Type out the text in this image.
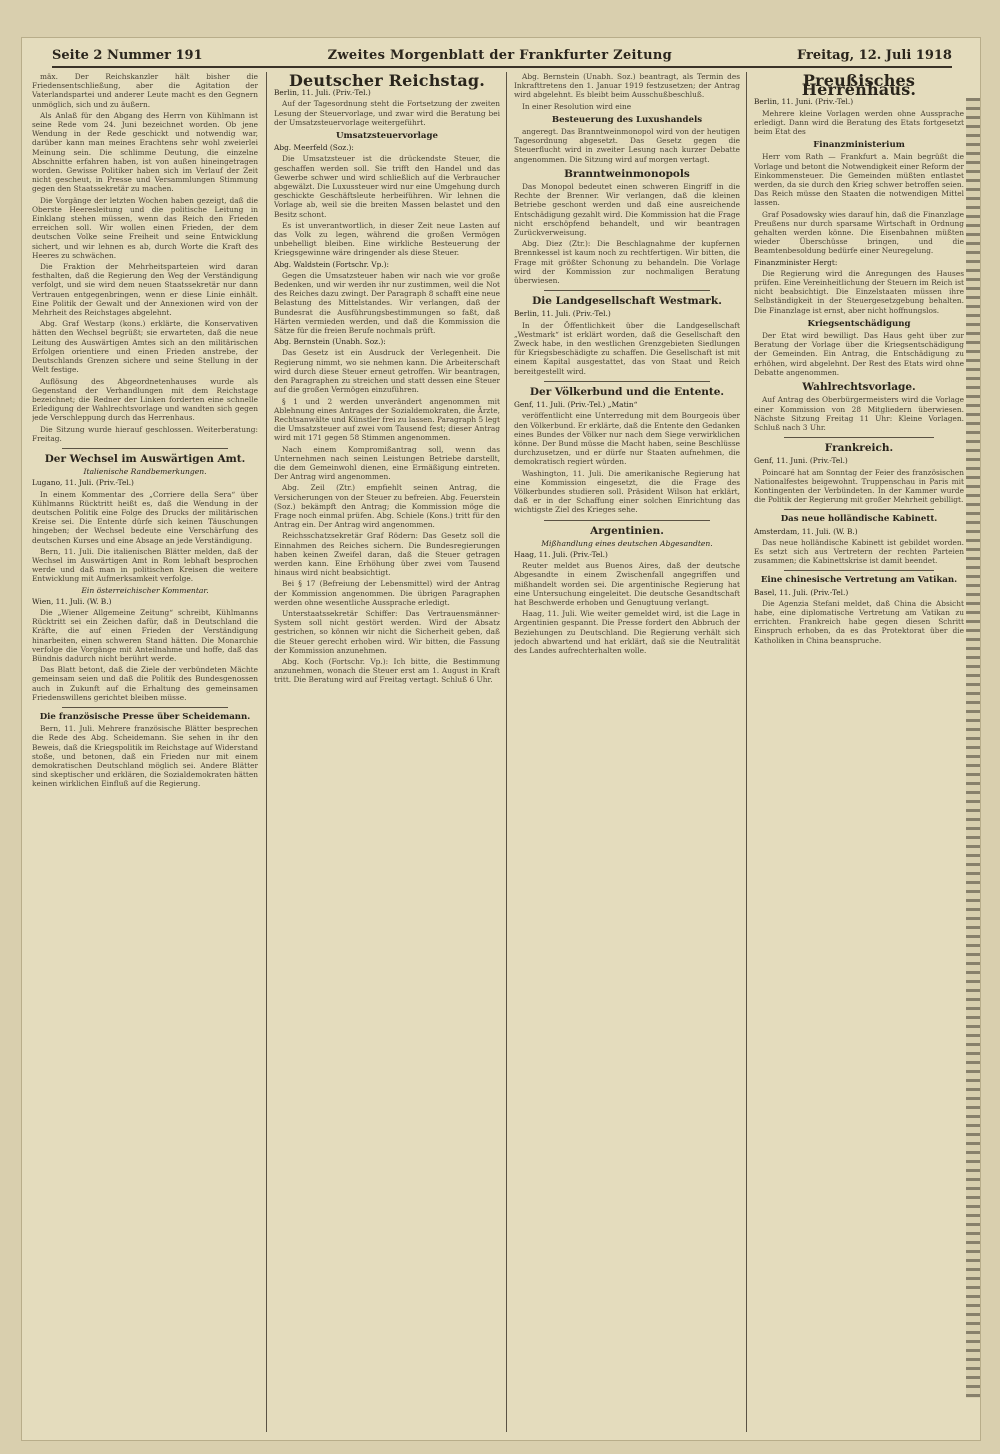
Seite 2 Nummer 191	Zweites Morgenblatt der Frankfurter Zeitung	Freitag, 12. Juli 1918

mäx. Der Reichskanzler hält bisher die Friedensentschließung, aber die Agitation der Vaterlandspartei und anderer Leute macht es den Gegnern unmöglich, sich und zu äußern.

Als Anlaß für den Abgang des Herrn von Kühlmann ist seine Rede vom 24. Juni bezeichnet worden. Ob jene Wendung in der Rede geschickt und notwendig war, darüber kann man meines Erachtens sehr wohl zweierlei Meinung sein. Die schlimme Deutung, die einzelne Abschnitte erfahren haben, ist von außen hineingetragen worden. Gewisse Politiker haben sich im Verlauf der Zeit nicht gescheut, in Presse und Versammlungen Stimmung gegen den Staatssekretär zu machen.

Die Vorgänge der letzten Wochen haben gezeigt, daß die Oberste Heeresleitung und die politische Leitung in Einklang stehen müssen, wenn das Reich den Frieden erreichen soll. Wir wollen einen Frieden, der dem deutschen Volke seine Freiheit und seine Entwicklung sichert, und wir lehnen es ab, durch Worte die Kraft des Heeres zu schwächen.

Die Fraktion der Mehrheitsparteien wird daran festhalten, daß die Regierung den Weg der Verständigung verfolgt, und sie wird dem neuen Staatssekretär nur dann Vertrauen entgegenbringen, wenn er diese Linie einhält. Eine Politik der Gewalt und der Annexionen wird von der Mehrheit des Reichstages abgelehnt.

Abg. Graf Westarp (kons.) erklärte, die Konservativen hätten den Wechsel begrüßt; sie erwarteten, daß die neue Leitung des Auswärtigen Amtes sich an den militärischen Erfolgen orientiere und einen Frieden anstrebe, der Deutschlands Grenzen sichere und seine Stellung in der Welt festige.

Auflösung des Abgeordnetenhauses wurde als Gegenstand der Verhandlungen mit dem Reichstage bezeichnet; die Redner der Linken forderten eine schnelle Erledigung der Wahlrechtsvorlage und wandten sich gegen jede Verschleppung durch das Herrenhaus.

Die Sitzung wurde hierauf geschlossen. Weiterberatung: Freitag.

Der Wechsel im Auswärtigen Amt.
Italienische Randbemerkungen.
Lugano, 11. Juli. (Priv.-Tel.)

In einem Kommentar des „Corriere della Sera“ über Kühlmanns Rücktritt heißt es, daß die Wendung in der deutschen Politik eine Folge des Drucks der militärischen Kreise sei. Die Entente dürfe sich keinen Täuschungen hingeben; der Wechsel bedeute eine Verschärfung des deutschen Kurses und eine Absage an jede Verständigung.

Bern, 11. Juli. Die italienischen Blätter melden, daß der Wechsel im Auswärtigen Amt in Rom lebhaft besprochen werde und daß man in politischen Kreisen die weitere Entwicklung mit Aufmerksamkeit verfolge.

Ein österreichischer Kommentar.
Wien, 11. Juli. (W. B.)

Die „Wiener Allgemeine Zeitung“ schreibt, Kühlmanns Rücktritt sei ein Zeichen dafür, daß in Deutschland die Kräfte, die auf einen Frieden der Verständigung hinarbeiten, einen schweren Stand hätten. Die Monarchie verfolge die Vorgänge mit Anteilnahme und hoffe, daß das Bündnis dadurch nicht berührt werde.

Das Blatt betont, daß die Ziele der verbündeten Mächte gemeinsam seien und daß die Politik des Bundesgenossen auch in Zukunft auf die Erhaltung des gemeinsamen Friedenswillens gerichtet bleiben müsse.

Die französische Presse über Scheidemann.

Bern, 11. Juli. Mehrere französische Blätter besprechen die Rede des Abg. Scheidemann. Sie sehen in ihr den Beweis, daß die Kriegspolitik im Reichstage auf Widerstand stoße, und betonen, daß ein Frieden nur mit einem demokratischen Deutschland möglich sei. Andere Blätter sind skeptischer und erklären, die Sozialdemokraten hätten keinen wirklichen Einfluß auf die Regierung.

Deutscher Reichstag.
Berlin, 11. Juli. (Priv.-Tel.)

Auf der Tagesordnung steht die Fortsetzung der zweiten Lesung der Steuervorlage, und zwar wird die Beratung bei der Umsatzsteuervorlage weitergeführt.

Umsatzsteuervorlage
Abg. Meerfeld (Soz.):

Die Umsatzsteuer ist die drückendste Steuer, die geschaffen werden soll. Sie trifft den Handel und das Gewerbe schwer und wird schließlich auf die Verbraucher abgewälzt. Die Luxussteuer wird nur eine Umgehung durch geschickte Geschäftsleute herbeiführen. Wir lehnen die Vorlage ab, weil sie die breiten Massen belastet und den Besitz schont.

Es ist unverantwortlich, in dieser Zeit neue Lasten auf das Volk zu legen, während die großen Vermögen unbehelligt bleiben. Eine wirkliche Besteuerung der Kriegsgewinne wäre dringender als diese Steuer.

Abg. Waldstein (Fortschr. Vp.):

Gegen die Umsatzsteuer haben wir nach wie vor große Bedenken, und wir werden ihr nur zustimmen, weil die Not des Reiches dazu zwingt. Der Paragraph 8 schafft eine neue Belastung des Mittelstandes. Wir verlangen, daß der Bundesrat die Ausführungsbestimmungen so faßt, daß Härten vermieden werden, und daß die Kommission die Sätze für die freien Berufe nochmals prüft.

Abg. Bernstein (Unabh. Soz.):

Das Gesetz ist ein Ausdruck der Verlegenheit. Die Regierung nimmt, wo sie nehmen kann. Die Arbeiterschaft wird durch diese Steuer erneut getroffen. Wir beantragen, den Paragraphen zu streichen und statt dessen eine Steuer auf die großen Vermögen einzuführen.

§ 1 und 2 werden unverändert angenommen mit Ablehnung eines Antrages der Sozialdemokraten, die Ärzte, Rechtsanwälte und Künstler frei zu lassen. Paragraph 5 legt die Umsatzsteuer auf zwei vom Tausend fest; dieser Antrag wird mit 171 gegen 58 Stimmen angenommen.

Nach einem Kompromißantrag soll, wenn das Unternehmen nach seinen Leistungen Betriebe darstellt, die dem Gemeinwohl dienen, eine Ermäßigung eintreten. Der Antrag wird angenommen.

Abg. Zeil (Ztr.) empfiehlt seinen Antrag, die Versicherungen von der Steuer zu befreien. Abg. Feuerstein (Soz.) bekämpft den Antrag; die Kommission möge die Frage noch einmal prüfen. Abg. Schiele (Kons.) tritt für den Antrag ein. Der Antrag wird angenommen.

Reichsschatzsekretär Graf Rödern: Das Gesetz soll die Einnahmen des Reiches sichern. Die Bundesregierungen haben keinen Zweifel daran, daß die Steuer getragen werden kann. Eine Erhöhung über zwei vom Tausend hinaus wird nicht beabsichtigt.

Bei § 17 (Befreiung der Lebensmittel) wird der Antrag der Kommission angenommen. Die übrigen Paragraphen werden ohne wesentliche Aussprache erledigt.

Unterstaatssekretär Schiffer: Das Vertrauensmänner-System soll nicht gestört werden. Wird der Absatz gestrichen, so können wir nicht die Sicherheit geben, daß die Steuer gerecht erhoben wird. Wir bitten, die Fassung der Kommission anzunehmen.

Abg. Koch (Fortschr. Vp.): Ich bitte, die Bestimmung anzunehmen, wonach die Steuer erst am 1. August in Kraft tritt. Die Beratung wird auf Freitag vertagt. Schluß 6 Uhr.

Abg. Bernstein (Unabh. Soz.) beantragt, als Termin des Inkrafttretens den 1. Januar 1919 festzusetzen; der Antrag wird abgelehnt. Es bleibt beim Ausschußbeschluß.

In einer Resolution wird eine

Besteuerung des Luxushandels

angeregt. Das Branntweinmonopol wird von der heutigen Tagesordnung abgesetzt. Das Gesetz gegen die Steuerflucht wird in zweiter Lesung nach kurzer Debatte angenommen. Die Sitzung wird auf morgen vertagt.

Branntweinmonopols

Das Monopol bedeutet einen schweren Eingriff in die Rechte der Brenner. Wir verlangen, daß die kleinen Betriebe geschont werden und daß eine ausreichende Entschädigung gezahlt wird. Die Kommission hat die Frage nicht erschöpfend behandelt, und wir beantragen Zurückverweisung.

Abg. Diez (Ztr.): Die Beschlagnahme der kupfernen Brennkessel ist kaum noch zu rechtfertigen. Wir bitten, die Frage mit größter Schonung zu behandeln. Die Vorlage wird der Kommission zur nochmaligen Beratung überwiesen.

Die Landgesellschaft Westmark.
Berlin, 11. Juli. (Priv.-Tel.)

In der Öffentlichkeit über die Landgesellschaft „Westmark“ ist erklärt worden, daß die Gesellschaft den Zweck habe, in den westlichen Grenzgebieten Siedlungen für Kriegsbeschädigte zu schaffen. Die Gesellschaft ist mit einem Kapital ausgestattet, das von Staat und Reich bereitgestellt wird.

Der Völkerbund und die Entente.
Genf, 11. Juli. (Priv.-Tel.) „Matin“

veröffentlicht eine Unterredung mit dem Bourgeois über den Völkerbund. Er erklärte, daß die Entente den Gedanken eines Bundes der Völker nur nach dem Siege verwirklichen könne. Der Bund müsse die Macht haben, seine Beschlüsse durchzusetzen, und er dürfe nur Staaten aufnehmen, die demokratisch regiert würden.

Washington, 11. Juli. Die amerikanische Regierung hat eine Kommission eingesetzt, die die Frage des Völkerbundes studieren soll. Präsident Wilson hat erklärt, daß er in der Schaffung einer solchen Einrichtung das wichtigste Ziel des Krieges sehe.

Argentinien.
Mißhandlung eines deutschen Abgesandten.
Haag, 11. Juli. (Priv.-Tel.)

Reuter meldet aus Buenos Aires, daß der deutsche Abgesandte in einem Zwischenfall angegriffen und mißhandelt worden sei. Die argentinische Regierung hat eine Untersuchung eingeleitet. Die deutsche Gesandtschaft hat Beschwerde erhoben und Genugtuung verlangt.

Haag, 11. Juli. Wie weiter gemeldet wird, ist die Lage in Argentinien gespannt. Die Presse fordert den Abbruch der Beziehungen zu Deutschland. Die Regierung verhält sich jedoch abwartend und hat erklärt, daß sie die Neutralität des Landes aufrechterhalten wolle.

Preußisches Herrenhaus.
Berlin, 11. Juni. (Priv.-Tel.)

Mehrere kleine Vorlagen werden ohne Aussprache erledigt. Dann wird die Beratung des Etats fortgesetzt beim Etat des

Finanzministerium

Herr vom Rath — Frankfurt a. Main begrüßt die Vorlage und betont die Notwendigkeit einer Reform der Einkommensteuer. Die Gemeinden müßten entlastet werden, da sie durch den Krieg schwer betroffen seien. Das Reich müsse den Staaten die notwendigen Mittel lassen.

Graf Posadowsky wies darauf hin, daß die Finanzlage Preußens nur durch sparsame Wirtschaft in Ordnung gehalten werden könne. Die Eisenbahnen müßten wieder Überschüsse bringen, und die Beamtenbesoldung bedürfe einer Neuregelung.

Finanzminister Hergt:

Die Regierung wird die Anregungen des Hauses prüfen. Eine Vereinheitlichung der Steuern im Reich ist nicht beabsichtigt. Die Einzelstaaten müssen ihre Selbständigkeit in der Steuergesetzgebung behalten. Die Finanzlage ist ernst, aber nicht hoffnungslos.

Kriegsentschädigung

Der Etat wird bewilligt. Das Haus geht über zur Beratung der Vorlage über die Kriegsentschädigung der Gemeinden. Ein Antrag, die Entschädigung zu erhöhen, wird abgelehnt. Der Rest des Etats wird ohne Debatte angenommen.

Wahlrechtsvorlage.

Auf Antrag des Oberbürgermeisters wird die Vorlage einer Kommission von 28 Mitgliedern überwiesen. Nächste Sitzung Freitag 11 Uhr: Kleine Vorlagen. Schluß nach 3 Uhr.

Frankreich.
Genf, 11. Juni. (Priv.-Tel.)

Poincaré hat am Sonntag der Feier des französischen Nationalfestes beigewohnt. Truppenschau in Paris mit Kontingenten der Verbündeten. In der Kammer wurde die Politik der Regierung mit großer Mehrheit gebilligt.

Das neue holländische Kabinett.
Amsterdam, 11. Juli. (W. B.)

Das neue holländische Kabinett ist gebildet worden. Es setzt sich aus Vertretern der rechten Parteien zusammen; die Kabinettskrise ist damit beendet.

Eine chinesische Vertretung am Vatikan.
Basel, 11. Juli. (Priv.-Tel.)

Die Agenzia Stefani meldet, daß China die Absicht habe, eine diplomatische Vertretung am Vatikan zu errichten. Frankreich habe gegen diesen Schritt Einspruch erhoben, da es das Protektorat über die Katholiken in China beanspruche.
